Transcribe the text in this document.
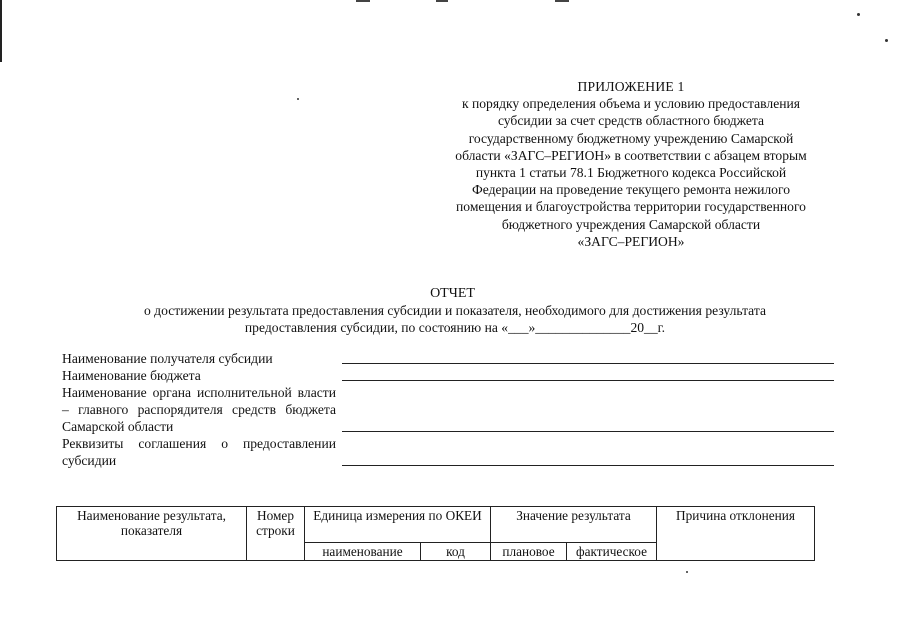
ПРИЛОЖЕНИЕ 1
к порядку определения объема и условию предоставления
субсидии за счет средств областного бюджета
государственному бюджетному учреждению Самарской
области «ЗАГС–РЕГИОН» в соответствии с абзацем вторым
пункта 1 статьи 78.1 Бюджетного кодекса Российской
Федерации на проведение текущего ремонта нежилого
помещения и благоустройства территории государственного
бюджетного учреждения Самарской области
«ЗАГС–РЕГИОН»
ОТЧЕТ
о достижении результата предоставления субсидии и показателя, необходимого для достижения результата
предоставления субсидии, по состоянию на «___»______________20__г.
Наименование получателя субсидии
Наименование бюджета
Наименование органа исполнительной власти – главного распорядителя средств бюджета Самарской области
Реквизиты соглашения о предоставлении субсидии
Наименование результата, показателя	Номер строки	Единица измерения по ОКЕИ		Значение результата		Причина отклонения
		наименование	код	плановое	фактическое	
